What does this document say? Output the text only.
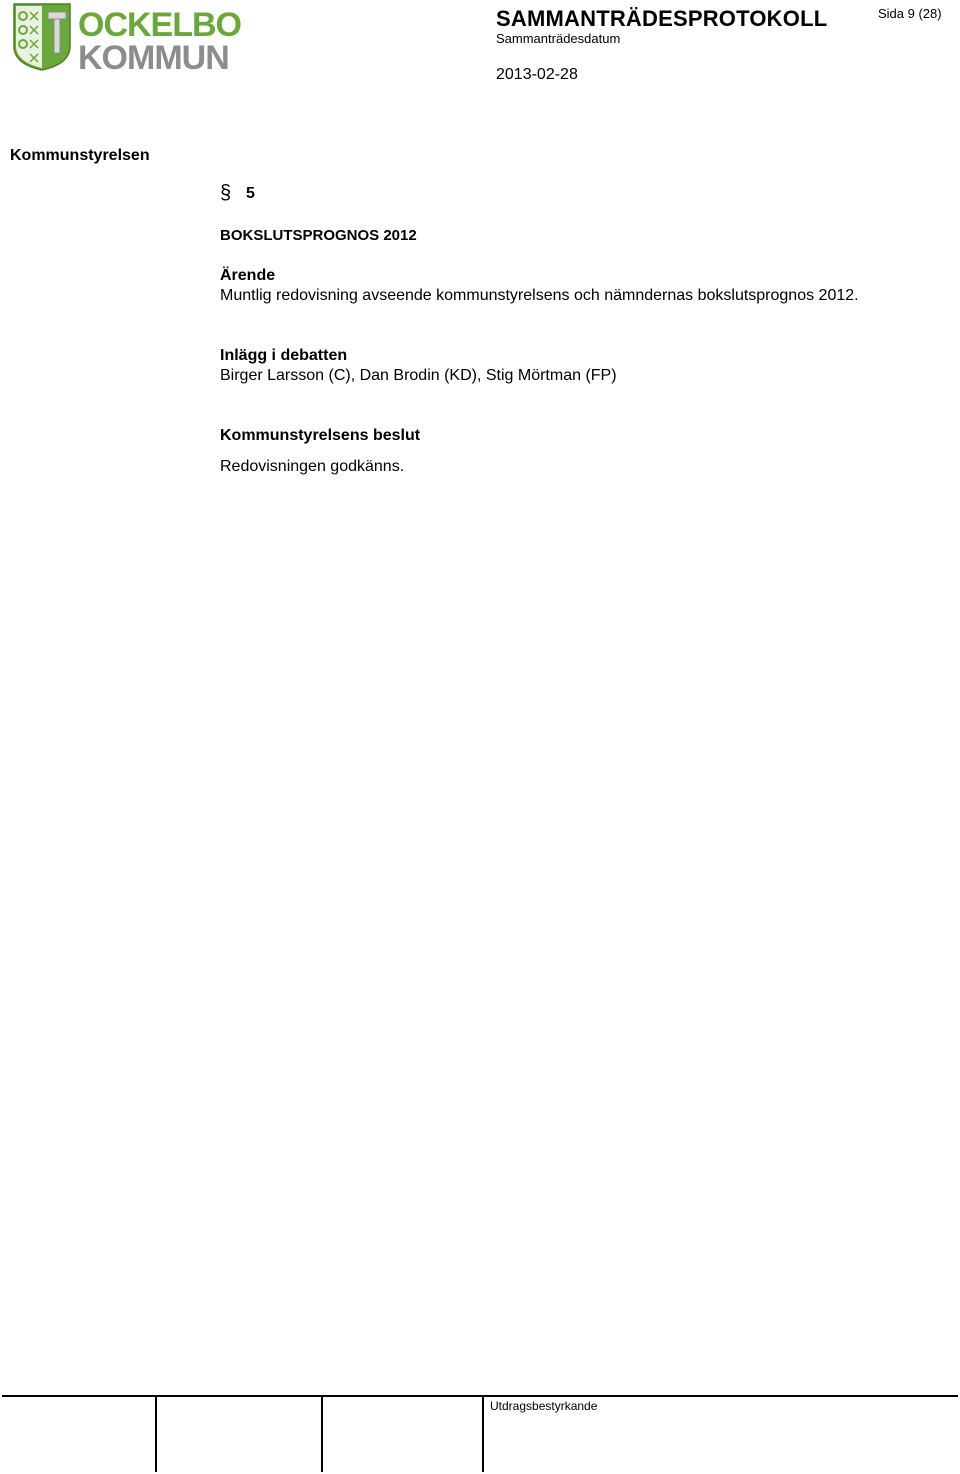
OCKELBO
KOMMUN
SAMMANTRÄDESPROTOKOLL
Sammanträdesdatum
2013-02-28
Sida 9 (28)
Kommunstyrelsen
§ 5
BOKSLUTSPROGNOS 2012
Ärende
Muntlig redovisning avseende kommunstyrelsens och nämndernas bokslutsprognos 2012.
Inlägg i debatten
Birger Larsson (C), Dan Brodin (KD), Stig Mörtman (FP)
Kommunstyrelsens beslut
Redovisningen godkänns.

Utdragsbestyrkande
